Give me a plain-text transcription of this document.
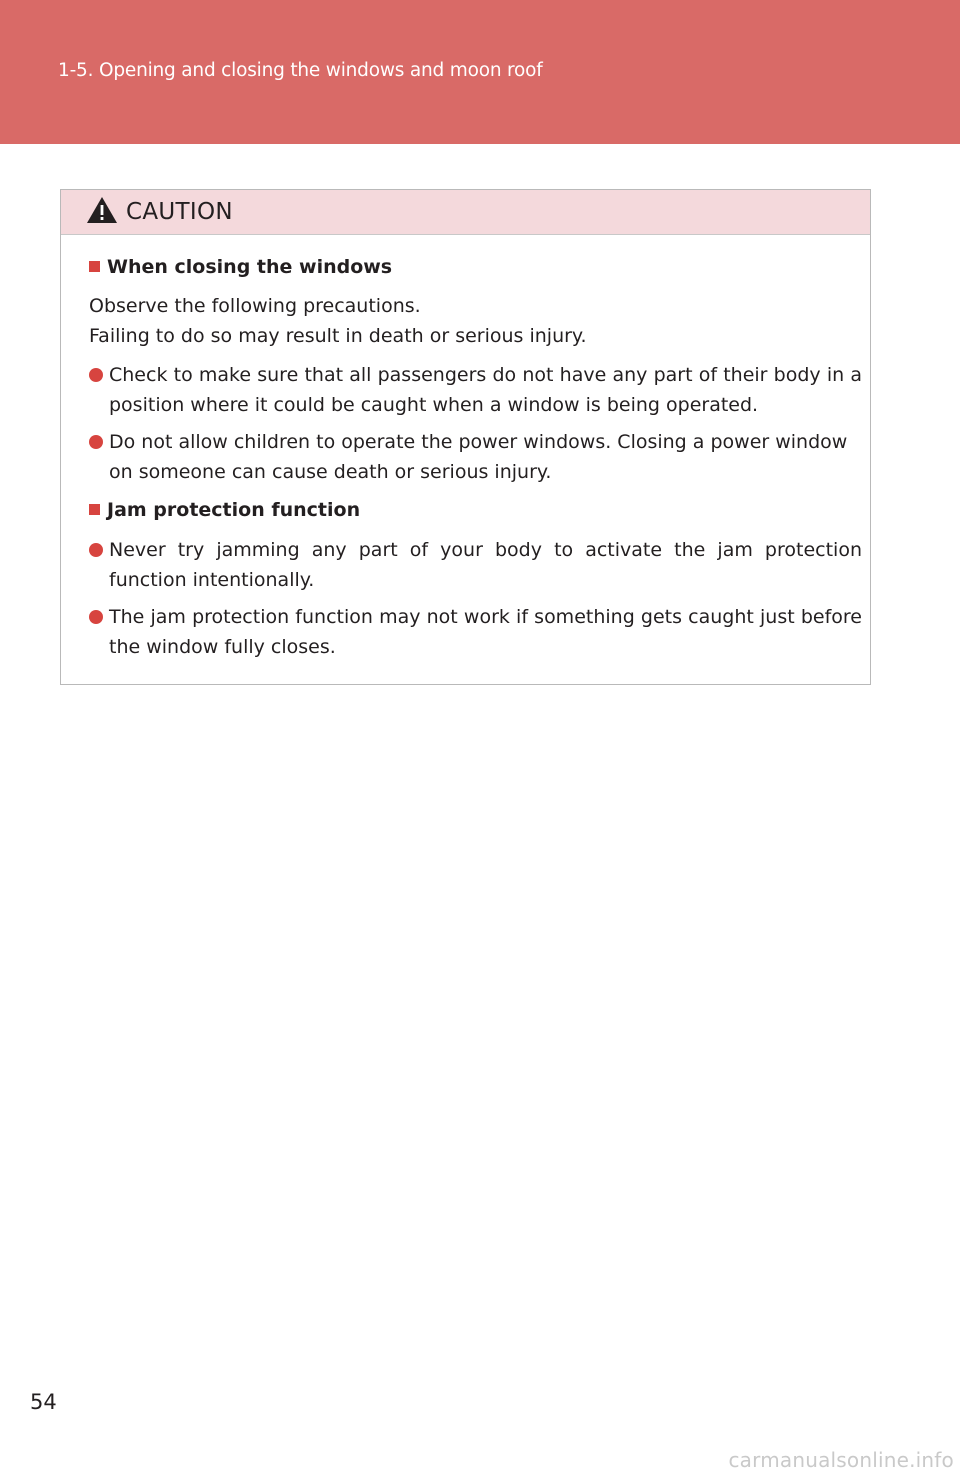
1-5. Opening and closing the windows and moon roof
CAUTION
When closing the windows
Observe the following precautions.
Failing to do so may result in death or serious injury.
Check to make sure that all passengers do not have any part of their body in a position where it could be caught when a window is being operated.
Do not allow children to operate the power windows. Closing a power window on someone can cause death or serious injury.
Jam protection function
Never try jamming any part of your body to activate the jam protection function intentionally.
The jam protection function may not work if something gets caught just before the window fully closes.
54
carmanualsonline.info
